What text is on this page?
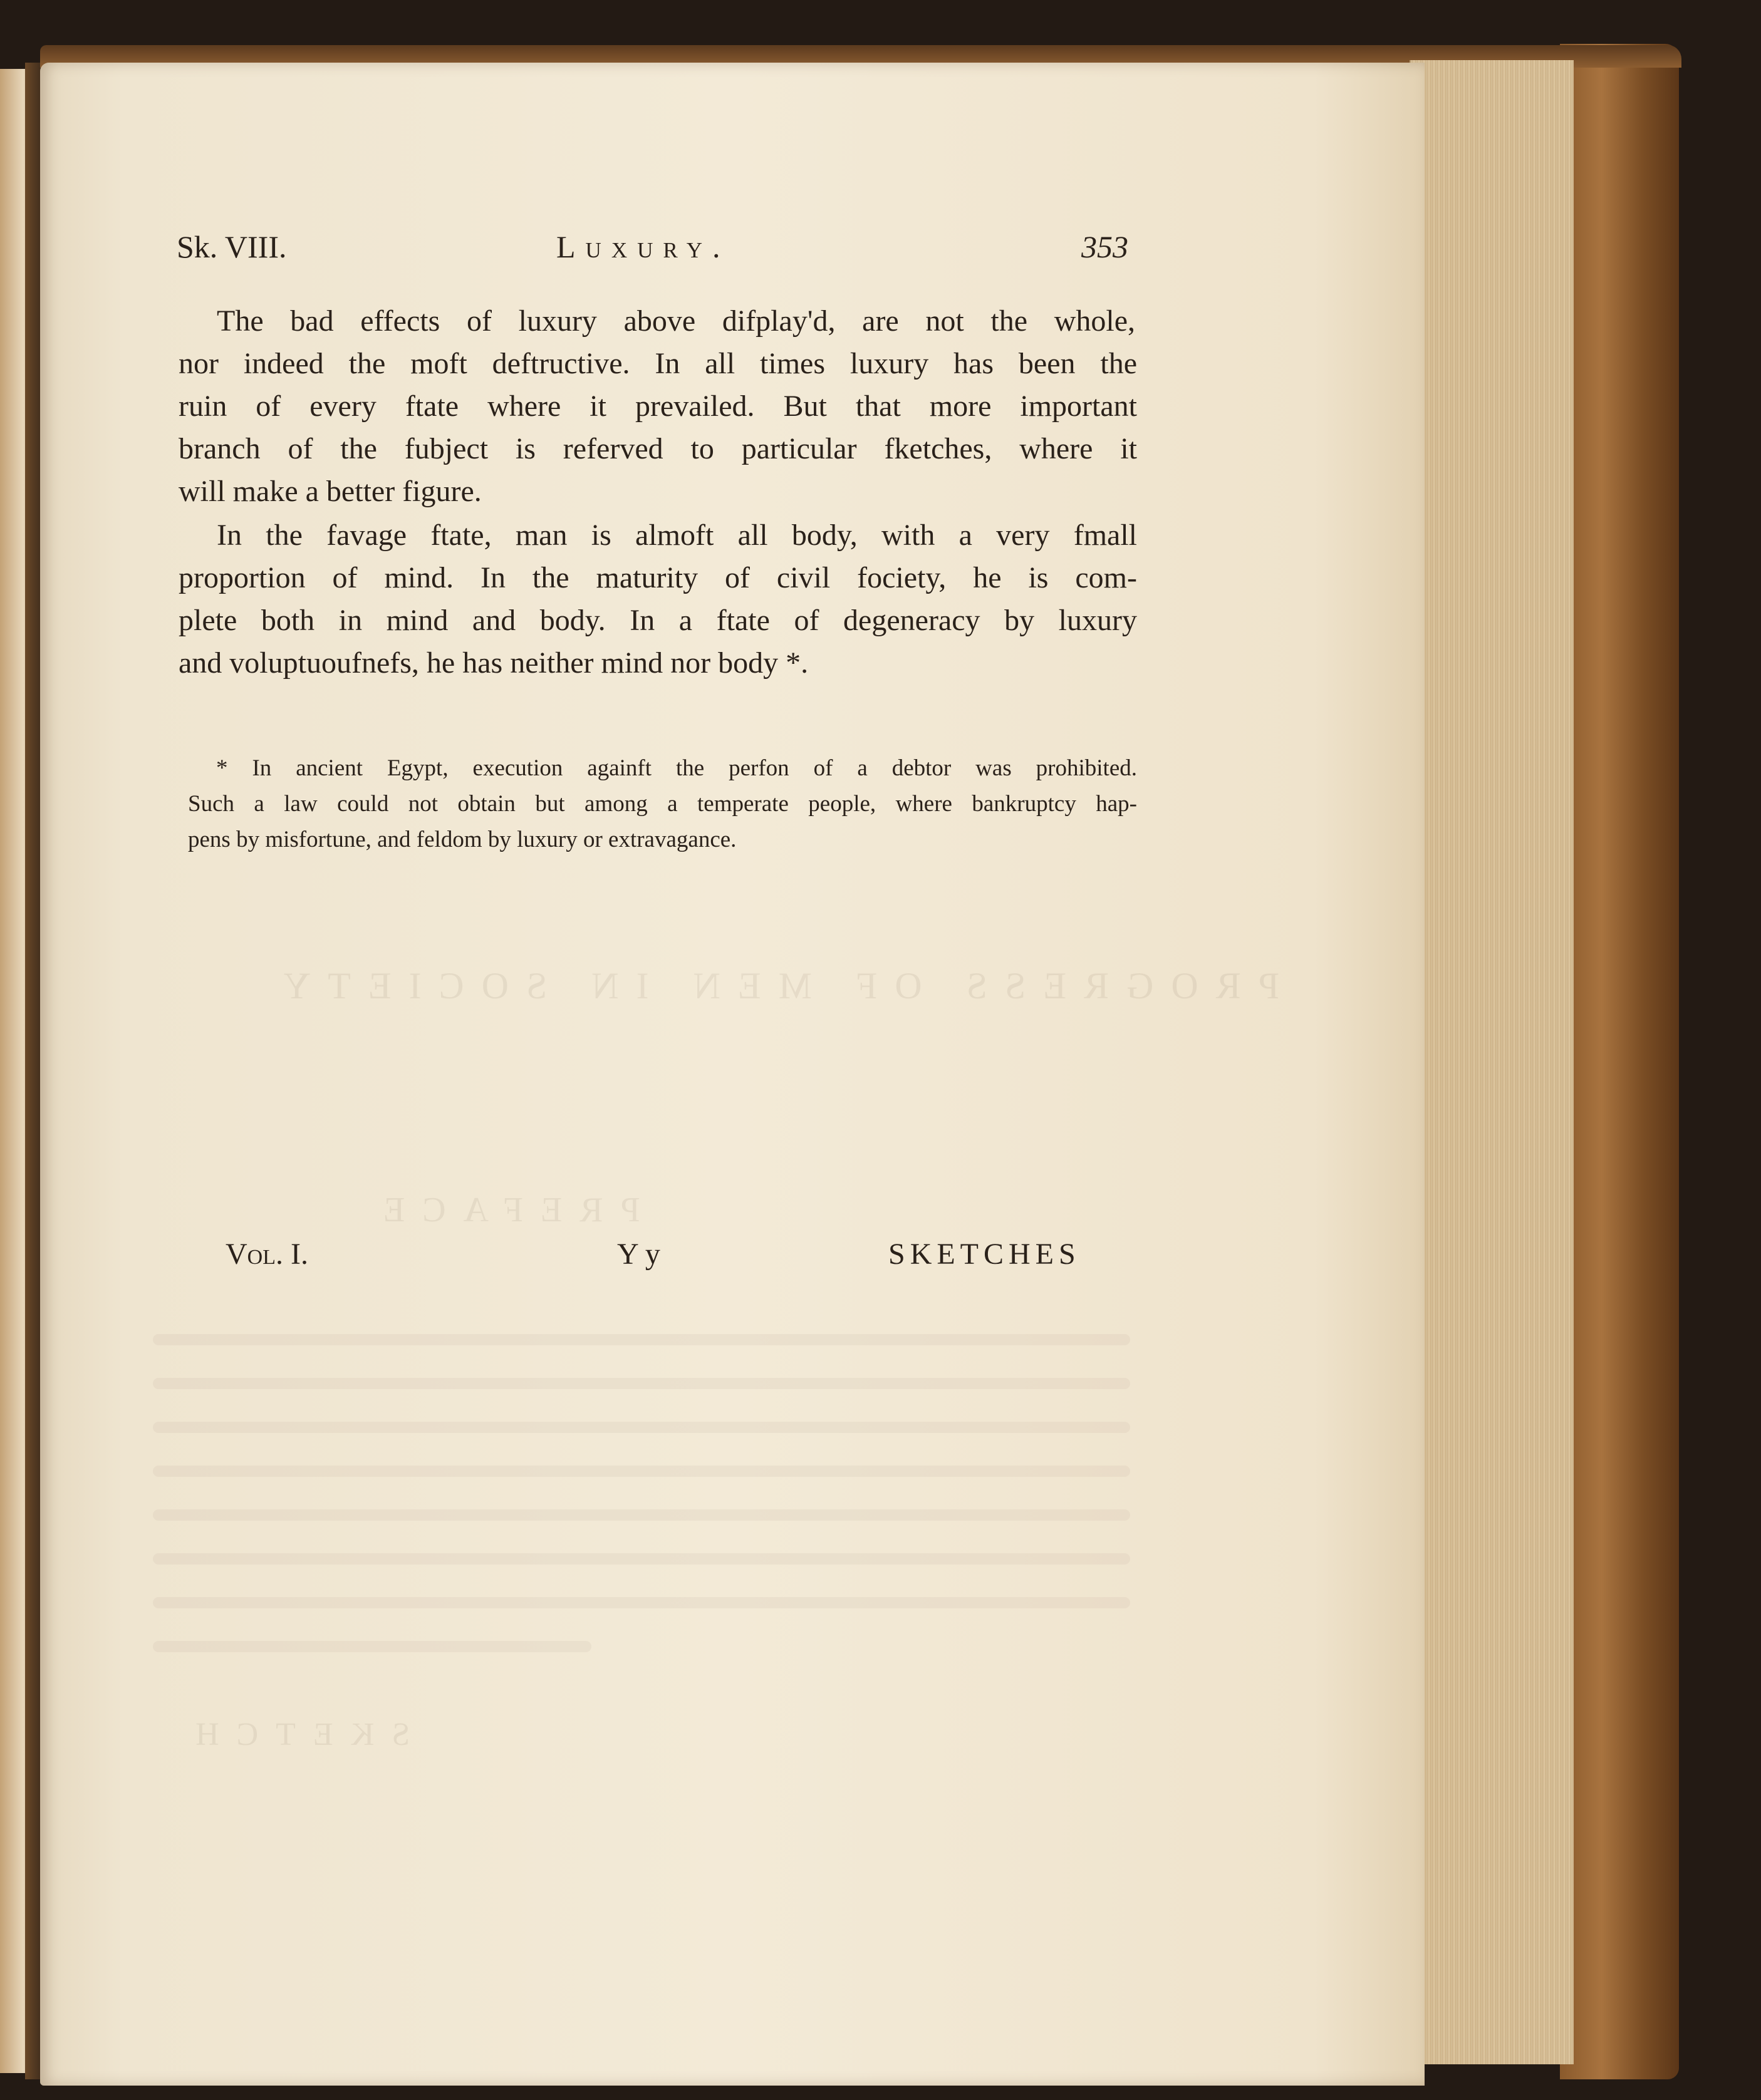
PROGRESS OF MEN IN SOCIETY
PREFACE
SKETCH
Sk. VIII.	Luxury.	353
The bad effects of luxury above difplay'd, are not the whole,
nor indeed the moft deftructive. In all times luxury has been the
ruin of every ftate where it prevailed. But that more important
branch of the fubject is referved to particular fketches, where it
will make a better figure.
In the favage ftate, man is almoft all body, with a very fmall
proportion of mind. In the maturity of civil fociety, he is com-
plete both in mind and body. In a ftate of degeneracy by luxury
and voluptuoufnefs, he has neither mind nor body *.
* In ancient Egypt, execution againft the perfon of a debtor was prohibited.
Such a law could not obtain but among a temperate people, where bankruptcy hap-
pens by misfortune, and feldom by luxury or extravagance.
Vol. I.	Y y	SKETCHES
